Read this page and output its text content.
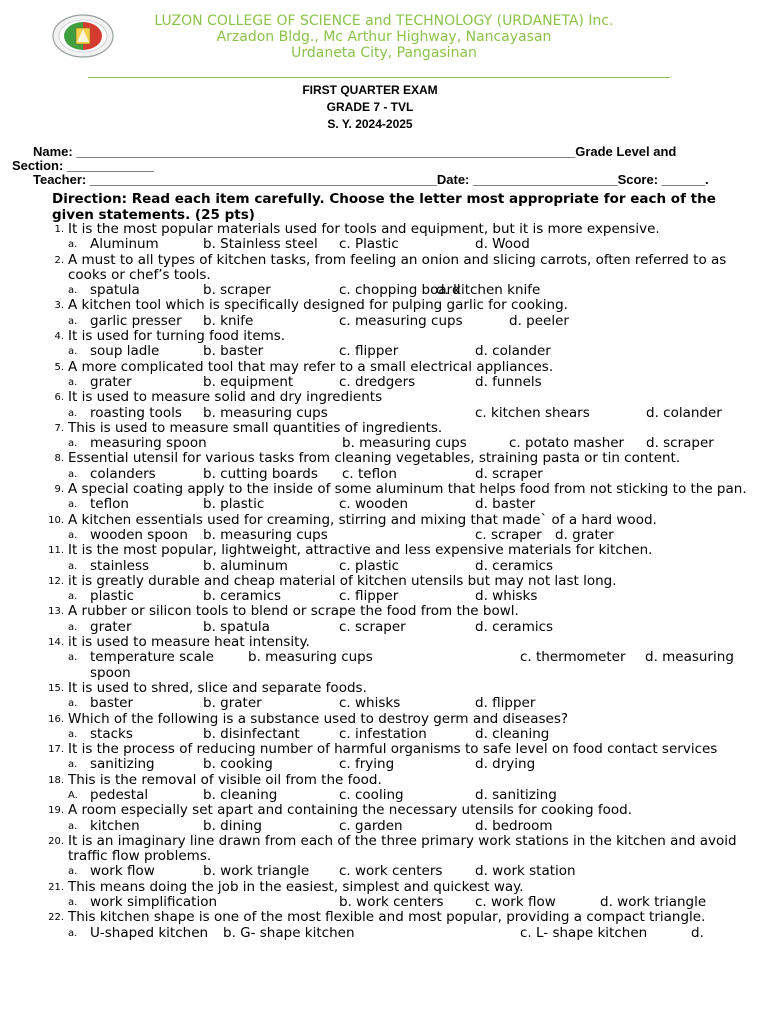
LUZON COLLEGE OF SCIENCE and TECHNOLOGY (URDANETA) Inc.
Arzadon Bldg., Mc Arthur Highway, Nancayasan
Urdaneta City, Pangasinan
FIRST QUARTER EXAM
GRADE 7 - TVL
S. Y. 2024-2025
Name: _____________________________________________________________________Grade Level and
Section: ____________
Teacher: ________________________________________________Date: ____________________Score: ______.
Direction: Read each item carefully. Choose the letter most appropriate for each of the given statements. (25 pts)
1. It is the most popular materials used for tools and equipment, but it is more expensive.
a. Aluminum	b. Stainless steel c. Plastic	d. Wood
2. A must to all types of kitchen tasks, from feeling an onion and slicing carrots, often referred to as cooks or chef’s tools.
a. spatula	b. scraper	c. chopping board
d. kitchen knife
3. A kitchen tool which is specifically designed for pulping garlic for cooking.
a. garlic presser b. knife	c. measuring cups	d. peeler
4. It is used for turning food items.
a. soup ladle	b. baster	c. flipper	d. colander
5. A more complicated tool that may refer to a small electrical appliances.
a. grater	b. equipment	c. dredgers	d. funnels
6. It is used to measure solid and dry ingredients
a. roasting tools b. measuring cups	c. kitchen shears	d. colander
7. This is used to measure small quantities of ingredients.
a. measuring spoon	b. measuring cups	c. potato masher d. scraper
8. Essential utensil for various tasks from cleaning vegetables, straining pasta or tin content.
a. colanders	b. cutting boards c. teflon	d. scraper
9. A special coating apply to the inside of some aluminum that helps food from not sticking to the pan.
a. teflon	b. plastic	c. wooden	d. baster
10. A kitchen essentials used for creaming, stirring and mixing that made` of a hard wood.
a. wooden spoon b. measuring cups	c. scraper d. grater
11. It is the most popular, lightweight, attractive and less expensive materials for kitchen.
a. stainless	b. aluminum	c. plastic	d. ceramics
12. it is greatly durable and cheap material of kitchen utensils but may not last long.
a. plastic	b. ceramics	c. flipper	d. whisks
13. A rubber or silicon tools to blend or scrape the food from the bowl.
a. grater	b. spatula	c. scraper	d. ceramics
14. it is used to measure heat intensity.
a. temperature scale	b. measuring cups	c. thermometer d. measuring
spoon
15. It is used to shred, slice and separate foods.
a. baster	b. grater	c. whisks	d. flipper
16. Which of the following is a substance used to destroy germ and diseases?
a. stacks	b. disinfectant	c. infestation	d. cleaning
17. It is the process of reducing number of harmful organisms to safe level on food contact services
a. sanitizing	b. cooking	c. frying	d. drying
18. This is the removal of visible oil from the food.
A. pedestal	b. cleaning	c. cooling	d. sanitizing
19. A room especially set apart and containing the necessary utensils for cooking food.
a. kitchen	b. dining	c. garden	d. bedroom
20. It is an imaginary line drawn from each of the three primary work stations in the kitchen and avoid traffic flow problems.
a. work flow	b. work triangle c. work centers d. work station
21. This means doing the job in the easiest, simplest and quickest way.
a. work simplification	b. work centers c. work flow	d. work triangle
22. This kitchen shape is one of the most flexible and most popular, providing a compact triangle.
a. U-shaped kitchen b. G- shape kitchen	c. L- shape kitchen	d.
